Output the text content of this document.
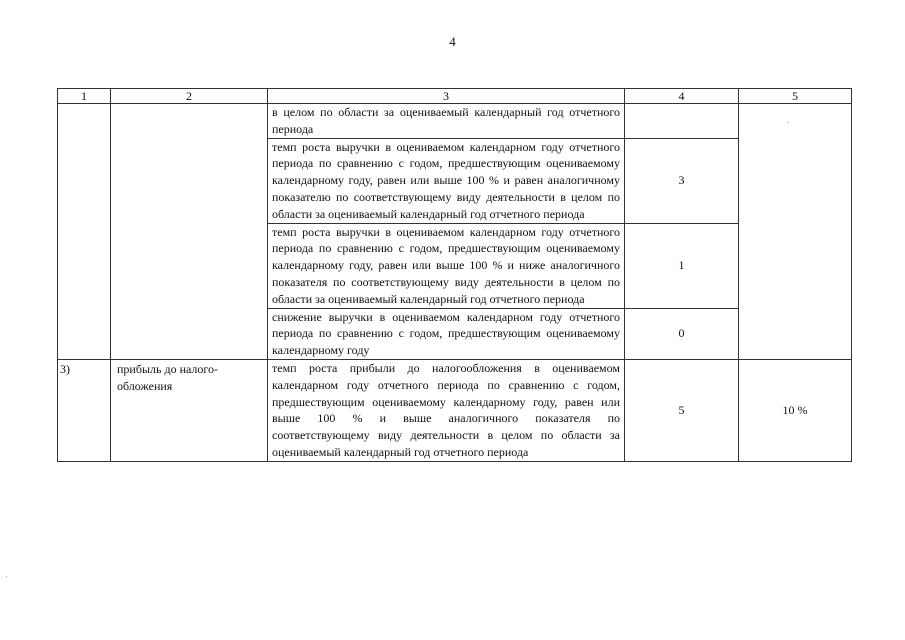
4
1	2	3	4	5
		в целом по области за оцениваемый календарный год отчетного периода		
		темп роста выручки в оцениваемом календарном году отчетного периода по сравнению с годом, предшествующим оцениваемому календарному году, равен или выше 100 % и равен аналогичному показателю по соответствующему виду деятельности в целом по области за оцениваемый календарный год отчетного периода	3	
		темп роста выручки в оцениваемом календарном году отчетного периода по сравнению с годом, предшествующим оцениваемому календарному году, равен или выше 100 % и ниже аналогичного показателя по соответствующему виду деятельности в целом по области за оцениваемый календарный год отчетного периода	1	
		снижение выручки в оцениваемом календарном году отчетного периода по сравнению с годом, предшествующим оцениваемому календарному году	0	
3)	прибыль до налого-обложения	темп роста прибыли до налогообложения в оцениваемом календарном году отчетного периода по сравнению с годом, предшествующим оцениваемому календарному году, равен или выше 100 % и выше аналогичного показателя по соответствующему виду деятельности в целом по области за оцениваемый календарный год отчетного периода	5	10 %
